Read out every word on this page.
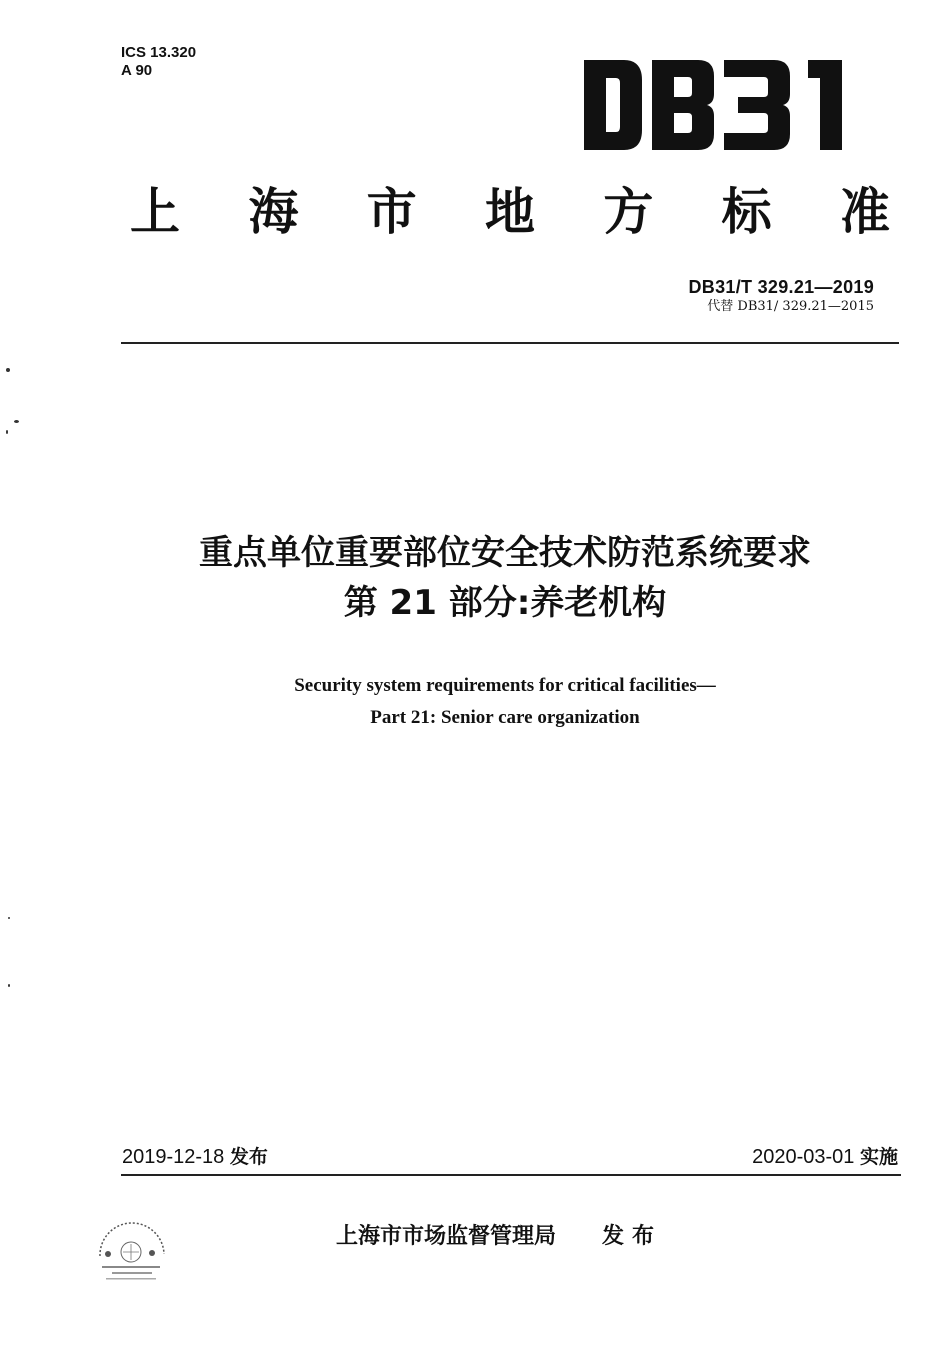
ICS 13.320
A 90
上 海 市 地 方 标 准
DB31/T 329.21—2019
代替 DB31/ 329.21—2015
重点单位重要部位安全技术防范系统要求
第 21 部分:养老机构
Security system requirements for critical facilities—
Part 21: Senior care organization
2019-12-18 发布	2020-03-01 实施
上海市市场监督管理局 发布
